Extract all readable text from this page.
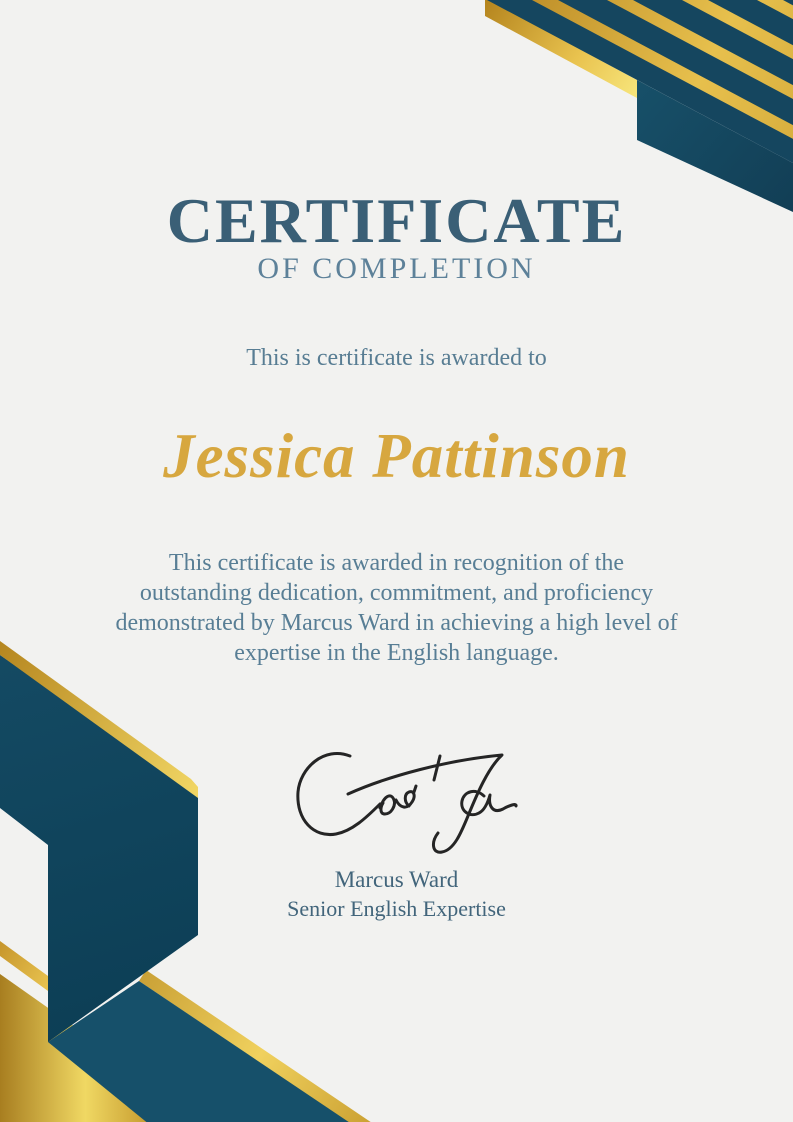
CERTIFICATE
OF COMPLETION
This is certificate is awarded to
Jessica Pattinson
This certificate is awarded in recognition of the
outstanding dedication, commitment, and proficiency
demonstrated by Marcus Ward in achieving a high level of
expertise in the English language.
Marcus Ward
Senior English Expertise
